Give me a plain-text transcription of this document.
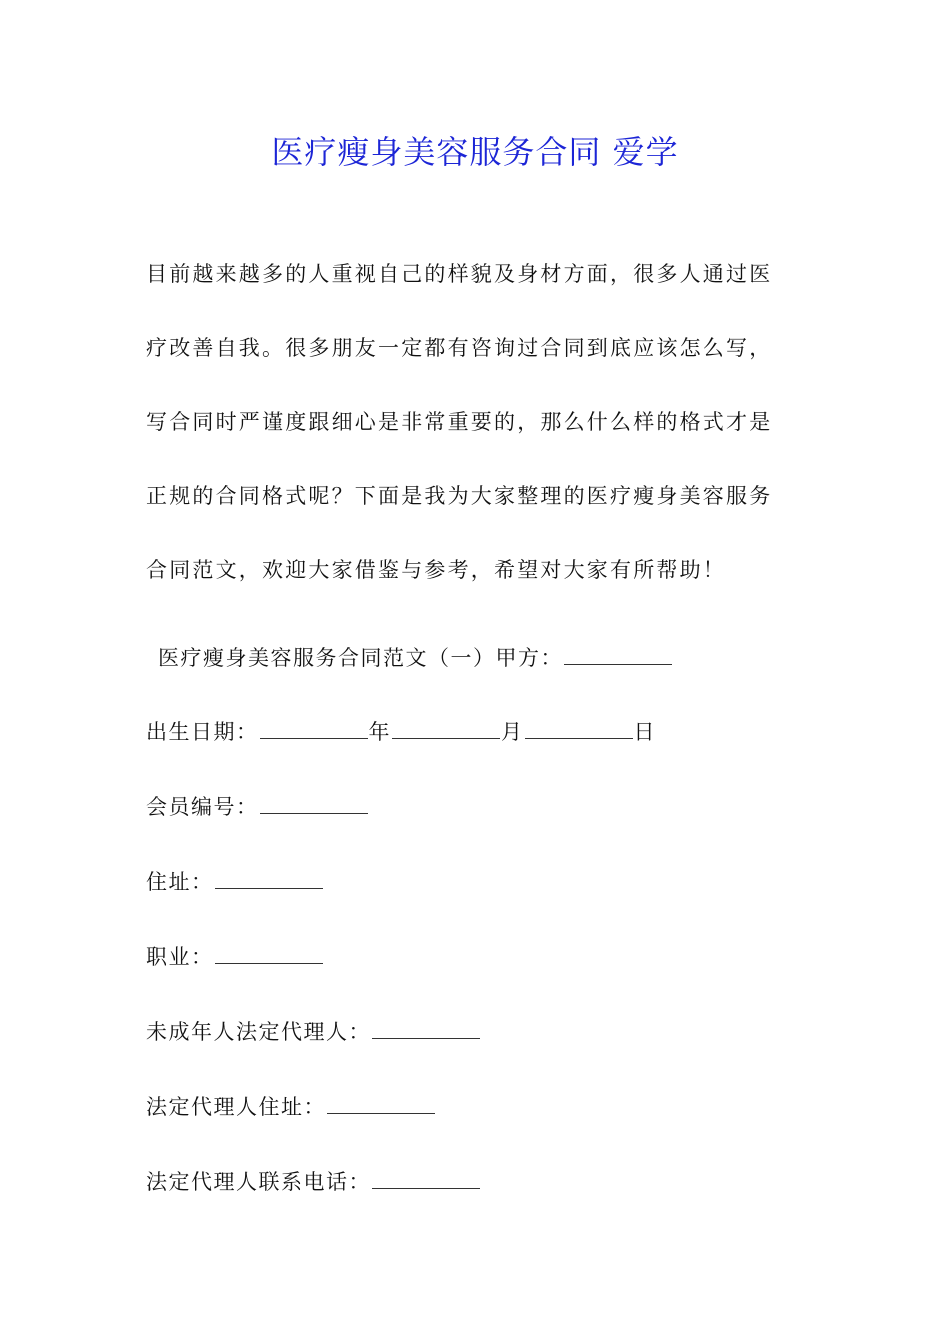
医疗瘦身美容服务合同 爱学
目前越来越多的人重视自己的样貌及身材方面，很多人通过医
疗改善自我。很多朋友一定都有咨询过合同到底应该怎么写，
写合同时严谨度跟细心是非常重要的，那么什么样的格式才是
正规的合同格式呢？下面是我为大家整理的医疗瘦身美容服务
合同范文，欢迎大家借鉴与参考，希望对大家有所帮助！
医疗瘦身美容服务合同范文（一）甲方：
出生日期：	年	月	日
会员编号：
住址：
职业：
未成年人法定代理人：
法定代理人住址：
法定代理人联系电话：
